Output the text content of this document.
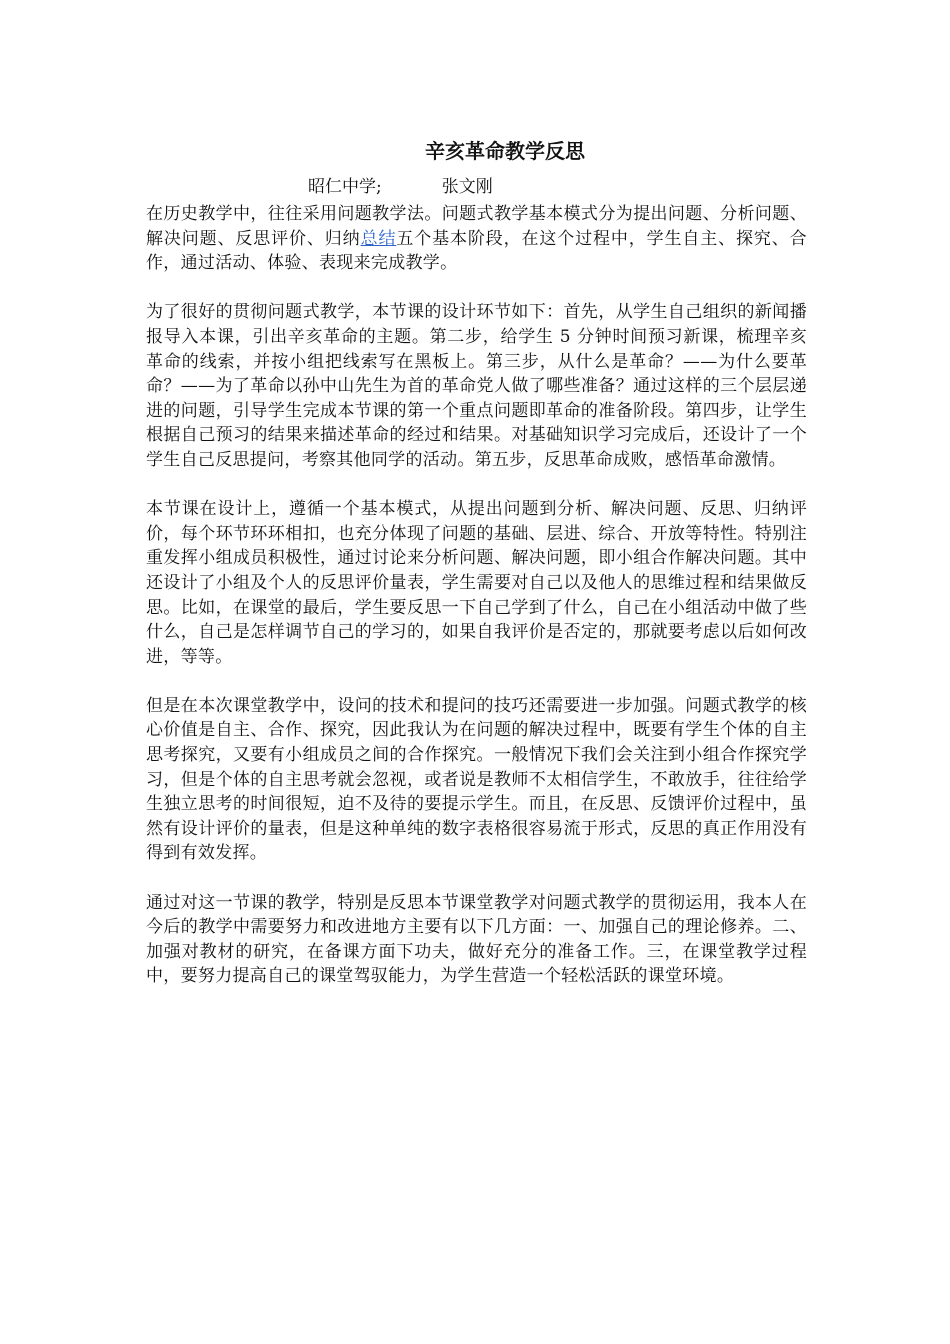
辛亥革命教学反思
昭仁中学;	张文刚

在历史教学中，往往采用问题教学法。问题式教学基本模式分为提出问题、分析问题、解决问题、反思评价、归纳总结五个基本阶段，在这个过程中，学生自主、探究、合作，通过活动、体验、表现来完成教学。

为了很好的贯彻问题式教学，本节课的设计环节如下：首先，从学生自己组织的新闻播报导入本课，引出辛亥革命的主题。第二步，给学生 5 分钟时间预习新课，梳理辛亥革命的线索，并按小组把线索写在黑板上。第三步，从什么是革命？——为什么要革命？——为了革命以孙中山先生为首的革命党人做了哪些准备？通过这样的三个层层递进的问题，引导学生完成本节课的第一个重点问题即革命的准备阶段。第四步，让学生根据自己预习的结果来描述革命的经过和结果。对基础知识学习完成后，还设计了一个学生自己反思提问，考察其他同学的活动。第五步，反思革命成败，感悟革命激情。

本节课在设计上，遵循一个基本模式，从提出问题到分析、解决问题、反思、归纳评价，每个环节环环相扣，也充分体现了问题的基础、层进、综合、开放等特性。特别注重发挥小组成员积极性，通过讨论来分析问题、解决问题，即小组合作解决问题。其中还设计了小组及个人的反思评价量表，学生需要对自己以及他人的思维过程和结果做反思。比如，在课堂的最后，学生要反思一下自己学到了什么，自己在小组活动中做了些什么，自己是怎样调节自己的学习的，如果自我评价是否定的，那就要考虑以后如何改进，等等。

但是在本次课堂教学中，设问的技术和提问的技巧还需要进一步加强。问题式教学的核心价值是自主、合作、探究，因此我认为在问题的解决过程中，既要有学生个体的自主思考探究，又要有小组成员之间的合作探究。一般情况下我们会关注到小组合作探究学习，但是个体的自主思考就会忽视，或者说是教师不太相信学生，不敢放手，往往给学生独立思考的时间很短，迫不及待的要提示学生。而且，在反思、反馈评价过程中，虽然有设计评价的量表，但是这种单纯的数字表格很容易流于形式，反思的真正作用没有得到有效发挥。

通过对这一节课的教学，特别是反思本节课堂教学对问题式教学的贯彻运用，我本人在今后的教学中需要努力和改进地方主要有以下几方面：一、加强自己的理论修养。二、加强对教材的研究，在备课方面下功夫，做好充分的准备工作。三，在课堂教学过程中，要努力提高自己的课堂驾驭能力，为学生营造一个轻松活跃的课堂环境。
